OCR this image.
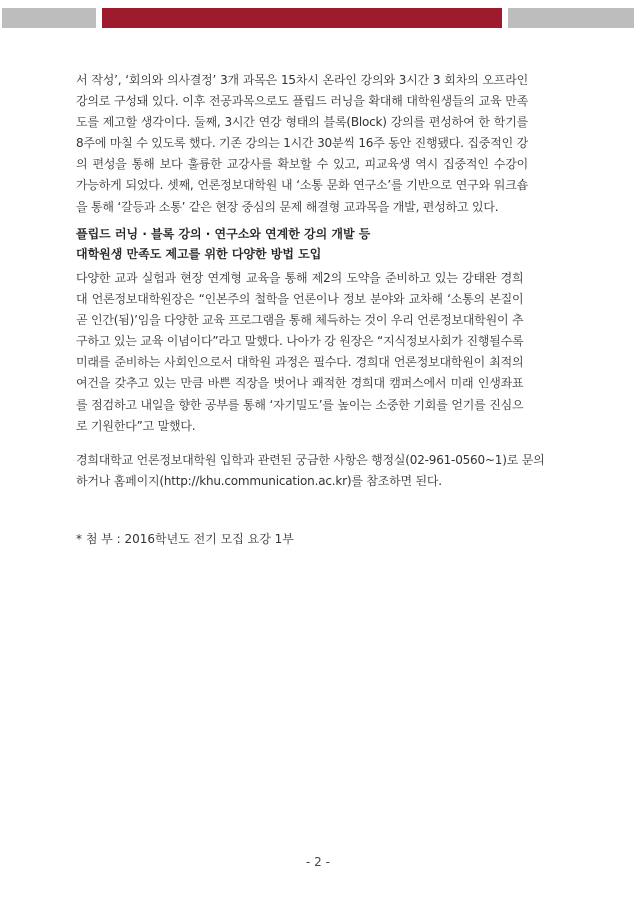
서 작성’, ‘회의와 의사결정’ 3개 과목은 15차시 온라인 강의와 3시간 3 회차의 오프라인
강의로 구성돼 있다. 이후 전공과목으로도 플립드 러닝을 확대해 대학원생들의 교육 만족
도를 제고할 생각이다. 둘째, 3시간 연강 형태의 블록(Block) 강의를 편성하여 한 학기를
8주에 마칠 수 있도록 했다. 기존 강의는 1시간 30분씩 16주 동안 진행됐다. 집중적인 강
의 편성을 통해 보다 훌륭한 교강사를 확보할 수 있고, 피교육생 역시 집중적인 수강이
가능하게 되었다. 셋째, 언론정보대학원 내 ‘소통 문화 연구소’를 기반으로 연구와 워크숍
을 통해 ‘갈등과 소통’ 같은 현장 중심의 문제 해결형 교과목을 개발, 편성하고 있다.

플립드 러닝 · 블록 강의 · 연구소와 연계한 강의 개발 등
대학원생 만족도 제고를 위한 다양한 방법 도입

다양한 교과 실험과 현장 연계형 교육을 통해 제2의 도약을 준비하고 있는 강태완 경희
대 언론정보대학원장은 “인본주의 철학을 언론이나 정보 분야와 교차해 ‘소통의 본질이
곧 인간(됨)’임을 다양한 교육 프로그램을 통해 체득하는 것이 우리 언론정보대학원이 추
구하고 있는 교육 이념이다”라고 말했다. 나아가 강 원장은 “지식정보사회가 진행될수록
미래를 준비하는 사회인으로서 대학원 과정은 필수다. 경희대 언론정보대학원이 최적의
여건을 갖추고 있는 만큼 바쁜 직장을 벗어나 쾌적한 경희대 캠퍼스에서 미래 인생좌표
를 점검하고 내일을 향한 공부를 통해 ‘자기밀도’를 높이는 소중한 기회를 얻기를 진심으
로 기원한다”고 말했다.

경희대학교 언론정보대학원 입학과 관련된 궁금한 사항은 행정실(02-961-0560~1)로 문의
하거나 홈페이지(http://khu.communication.ac.kr)를 참조하면 된다.

* 첨 부 : 2016학년도 전기 모집 요강 1부
- 2 -
